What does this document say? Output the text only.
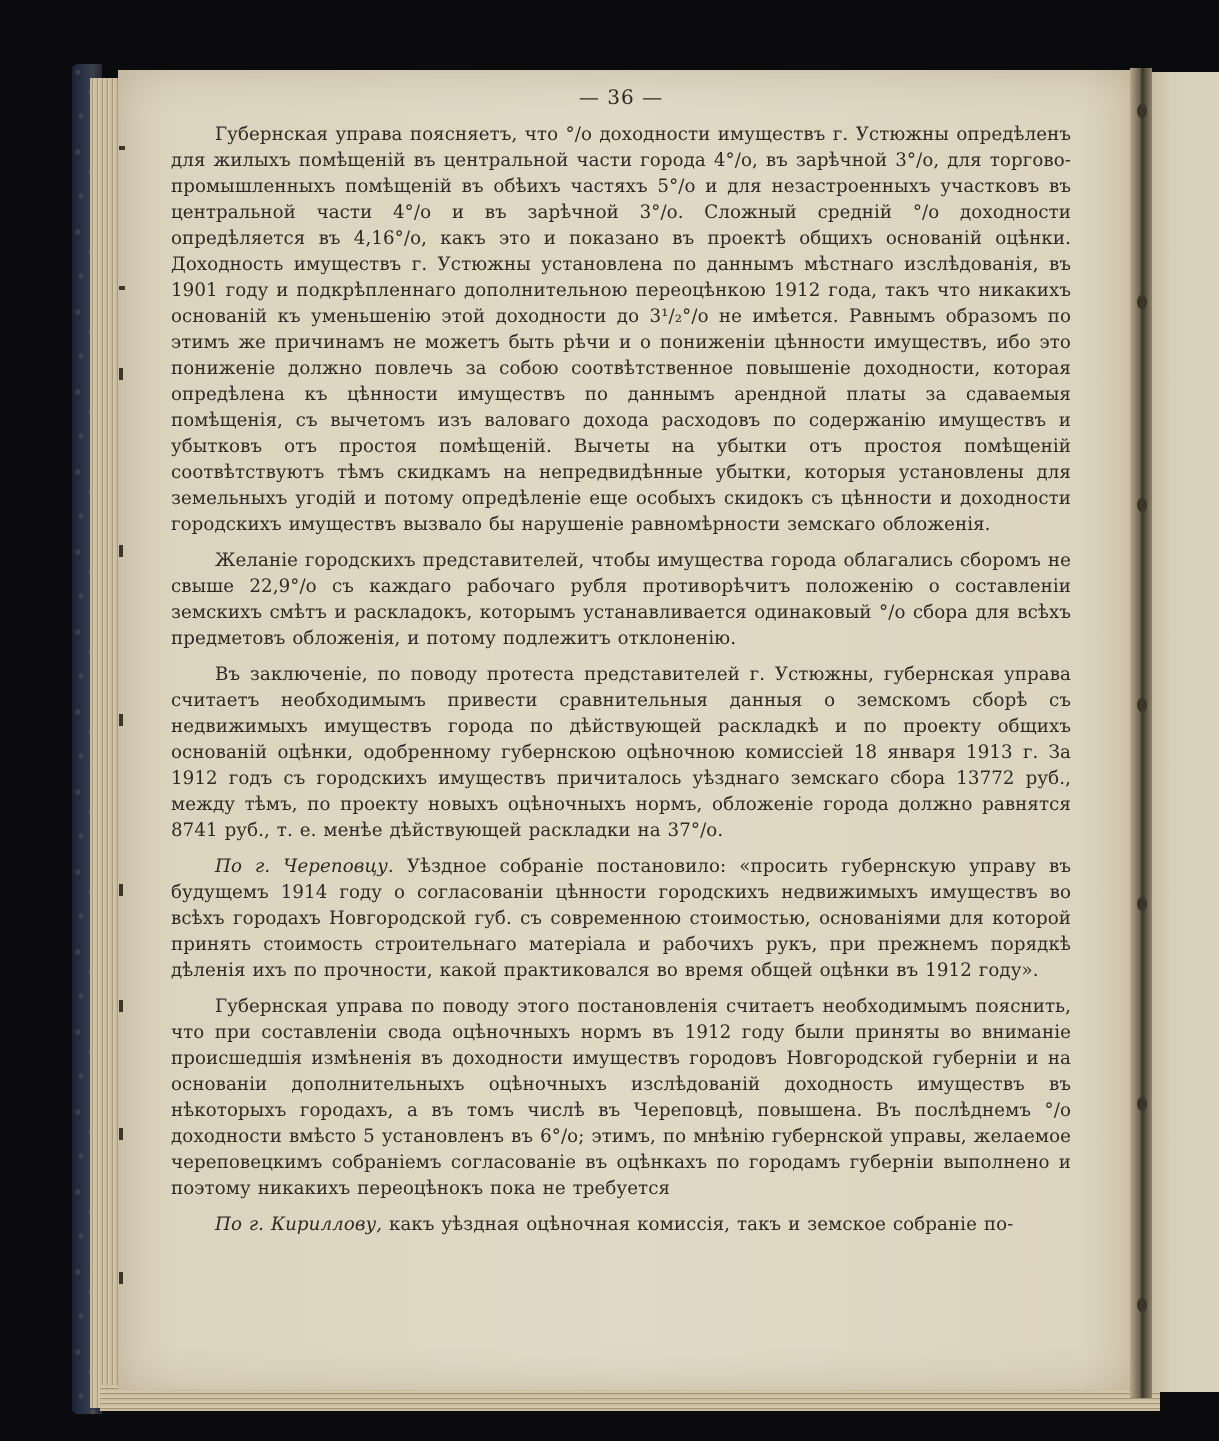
— 36 —

Губернская управа поясняетъ, что °/о доходности имуществъ г. Устюжны опредѣленъ для жилыхъ помѣщеній въ центральной части города 4°/о, въ зарѣчной 3°/о, для торгово-промышленныхъ помѣщеній въ обѣихъ частяхъ 5°/о и для незастроенныхъ участковъ въ центральной части 4°/о и въ зарѣчной 3°/о. Сложный средній °/о доходности опредѣляется въ 4,16°/о, какъ это и показано въ проектѣ общихъ основаній оцѣнки. Доходность имуществъ г. Устюжны установлена по даннымъ мѣстнаго изслѣдованія, въ 1901 году и подкрѣпленнаго дополнительною переоцѣнкою 1912 года, такъ что никакихъ основаній къ уменьшенію этой доходности до 3¹/₂°/о не имѣется. Равнымъ образомъ по этимъ же причинамъ не можетъ быть рѣчи и о пониженіи цѣнности имуществъ, ибо это пониженіе должно повлечь за собою соотвѣтственное повышеніе доходности, которая опредѣлена къ цѣнности имуществъ по даннымъ арендной платы за сдаваемыя помѣщенія, съ вычетомъ изъ валоваго дохода расходовъ по содержанію имуществъ и убытковъ отъ простоя помѣщеній. Вычеты на убытки отъ простоя помѣщеній соотвѣтствуютъ тѣмъ скидкамъ на непредвидѣнные убытки, которыя установлены для земельныхъ угодій и потому опредѣленіе еще особыхъ скидокъ съ цѣнности и доходности городскихъ имуществъ вызвало бы нарушеніе равномѣрности земскаго обложенія.

Желаніе городскихъ представителей, чтобы имущества города облагались сборомъ не свыше 22,9°/о съ каждаго рабочаго рубля противорѣчитъ положенію о составленіи земскихъ смѣтъ и раскладокъ, которымъ устанавливается одинаковый °/о сбора для всѣхъ предметовъ обложенія, и потому подлежитъ отклоненію.

Въ заключеніе, по поводу протеста представителей г. Устюжны, губернская управа считаетъ необходимымъ привести сравнительныя данныя о земскомъ сборѣ съ недвижимыхъ имуществъ города по дѣйствующей раскладкѣ и по проекту общихъ основаній оцѣнки, одобренному губернскою оцѣночною комиссіей 18 января 1913 г. За 1912 годъ съ городскихъ имуществъ причиталось уѣзднаго земскаго сбора 13772 руб., между тѣмъ, по проекту новыхъ оцѣночныхъ нормъ, обложеніе города должно равнятся 8741 руб., т. е. менѣе дѣйствующей раскладки на 37°/о.

По г. Череповцу. Уѣздное собраніе постановило: «просить губернскую управу въ будущемъ 1914 году о согласованіи цѣнности городскихъ недвижимыхъ имуществъ во всѣхъ городахъ Новгородской губ. съ современною стоимостью, основаніями для которой принять стоимость строительнаго матеріала и рабочихъ рукъ, при прежнемъ порядкѣ дѣленія ихъ по прочности, какой практиковался во время общей оцѣнки въ 1912 году».

Губернская управа по поводу этого постановленія считаетъ необходимымъ пояснить, что при составленіи свода оцѣночныхъ нормъ въ 1912 году были приняты во вниманіе происшедшія измѣненія въ доходности имуществъ городовъ Новгородской губерніи и на основаніи дополнительныхъ оцѣночныхъ изслѣдованій доходность имуществъ въ нѣкоторыхъ городахъ, а въ томъ числѣ въ Череповцѣ, повышена. Въ послѣднемъ °/о доходности вмѣсто 5 установленъ въ 6°/о; этимъ, по мнѣнію губернской управы, желаемое череповецкимъ собраніемъ согласованіе въ оцѣнкахъ по городамъ губерніи выполнено и поэтому никакихъ переоцѣнокъ пока не требуется

По г. Кириллову, какъ уѣздная оцѣночная комиссія, такъ и земское собраніе по-
